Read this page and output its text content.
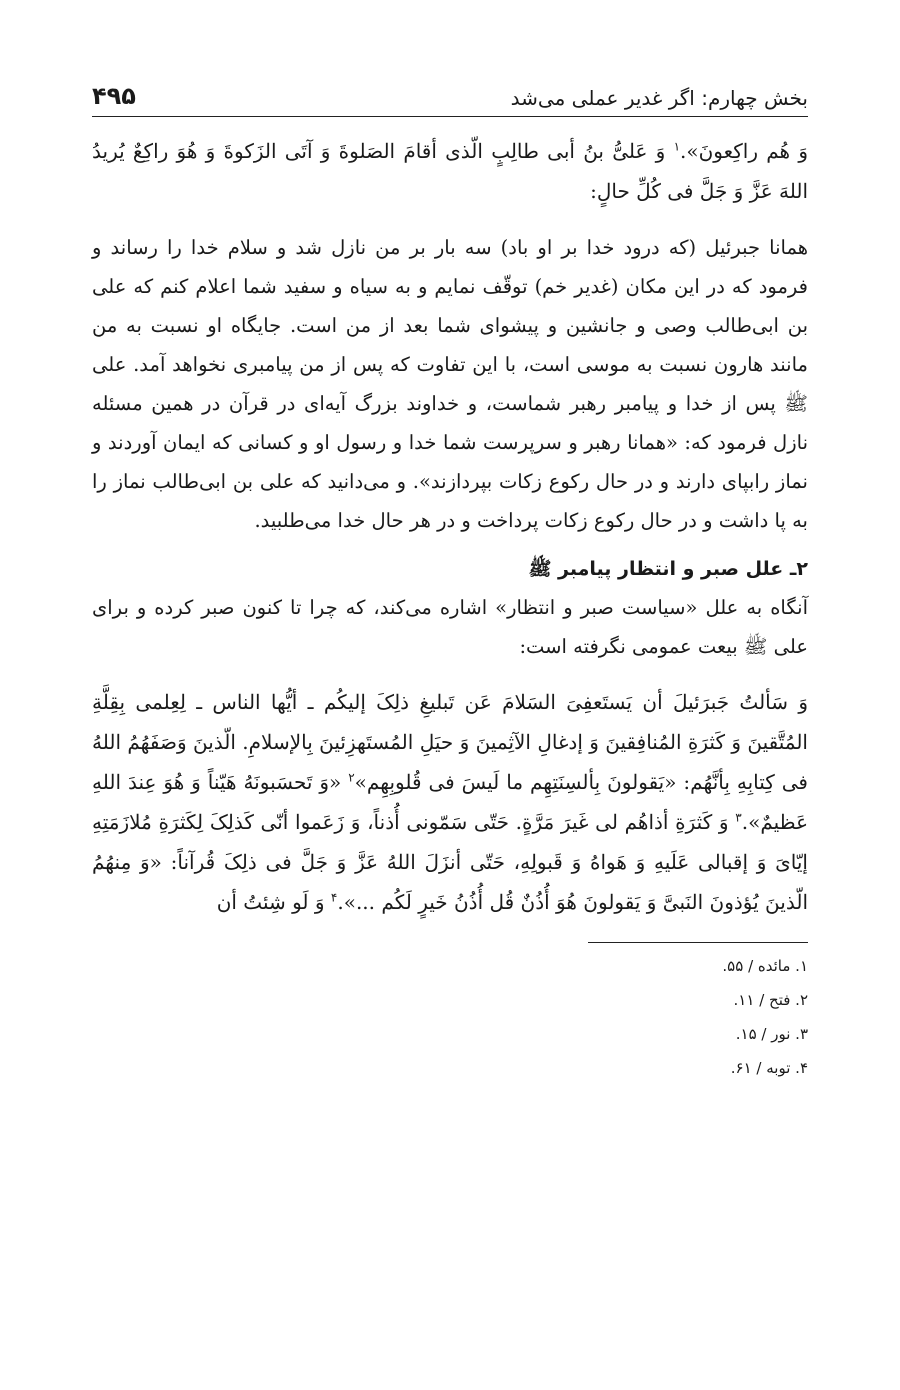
بخش چهارم: اگر غدیر عملی می‌شد
۴۹۵

وَ هُم راکِعونَ».$^۱$ وَ عَلیُّ بنُ أبی طالِبٍ الّذی أقامَ الصَلوةَ وَ آتَی الزَکوةَ وَ هُوَ راکِعٌ یُریدُ اللهَ عَزَّ وَ جَلَّ فی کُلِّ حالٍ:

همانا جبرئیل (که درود خدا بر او باد) سه بار بر من نازل شد و سلام خدا را رساند و فرمود که در این مکان (غدیر خم) توقّف نمایم و به سیاه و سفید شما اعلام کنم که علی بن ابی‌طالب وصی و جانشین و پیشوای شما بعد از من است. جایگاه او نسبت به من مانند هارون نسبت به موسی است، با این تفاوت که پس از من پیامبری نخواهد آمد. علی ﷺ پس از خدا و پیامبر رهبر شماست، و خداوند بزرگ آیه‌ای در قرآن در همین مسئله نازل فرمود که: «همانا رهبر و سرپرست شما خدا و رسول او و کسانی که ایمان آوردند و نماز رابپای دارند و در حال رکوع زکات بپردازند». و می‌دانید که علی بن ابی‌طالب نماز را به پا داشت و در حال رکوع زکات پرداخت و در هر حال خدا می‌طلبید.

۲ـ علل صبر و انتظار پیامبر ﷺ

آنگاه به علل «سیاست صبر و انتظار» اشاره می‌کند، که چرا تا کنون صبر کرده و برای علی ﷺ بیعت عمومی نگرفته است:

وَ سَألتُ جَبرَئیلَ أن یَستَعفِیَ السَلامَ عَن تَبلیغِ ذلِکَ إلیکُم ـ أیُّها الناس ـ لِعِلمی بِقِلَّةِ المُتَّقینَ وَ کَثرَةِ المُنافِقینَ وَ إدغالِ الآثِمینَ وَ حیَلِ المُستَهزِئینَ بِالإسلامِ. الّذینَ وَصَفَهُمُ اللهُ فی کِتابِهِ بِأنَّهُم: «یَقولونَ بِألسِنَتِهِم ما لَیسَ فی قُلوبِهِم»$^۲$ «وَ تَحسَبونَهُ هَیّناً وَ هُوَ عِندَ اللهِ عَظیمٌ».$^۳$ وَ کَثرَةِ أذاهُم لی غَیرَ مَرَّةٍ. حَتّی سَمّونی أُذناً، وَ زَعَموا أنّی کَذلِکَ لِکَثرَةِ مُلازَمَتِهِ إیّایَ وَ إقبالی عَلَیهِ وَ هَواهُ وَ قَبولِهِ، حَتّی أنزَلَ اللهُ عَزَّ وَ جَلَّ فی ذلِکَ قُرآناً: «وَ مِنهُمُ الّذینَ یُؤذونَ النَبیَّ وَ یَقولونَ هُوَ أُذُنٌ قُل أُذُنُ خَیرٍ لَکُم ...».$^۴$ وَ لَو شِئتُ أن

۱. مائده / ۵۵.
۲. فتح / ۱۱.
۳. نور / ۱۵.
۴. توبه / ۶۱.
